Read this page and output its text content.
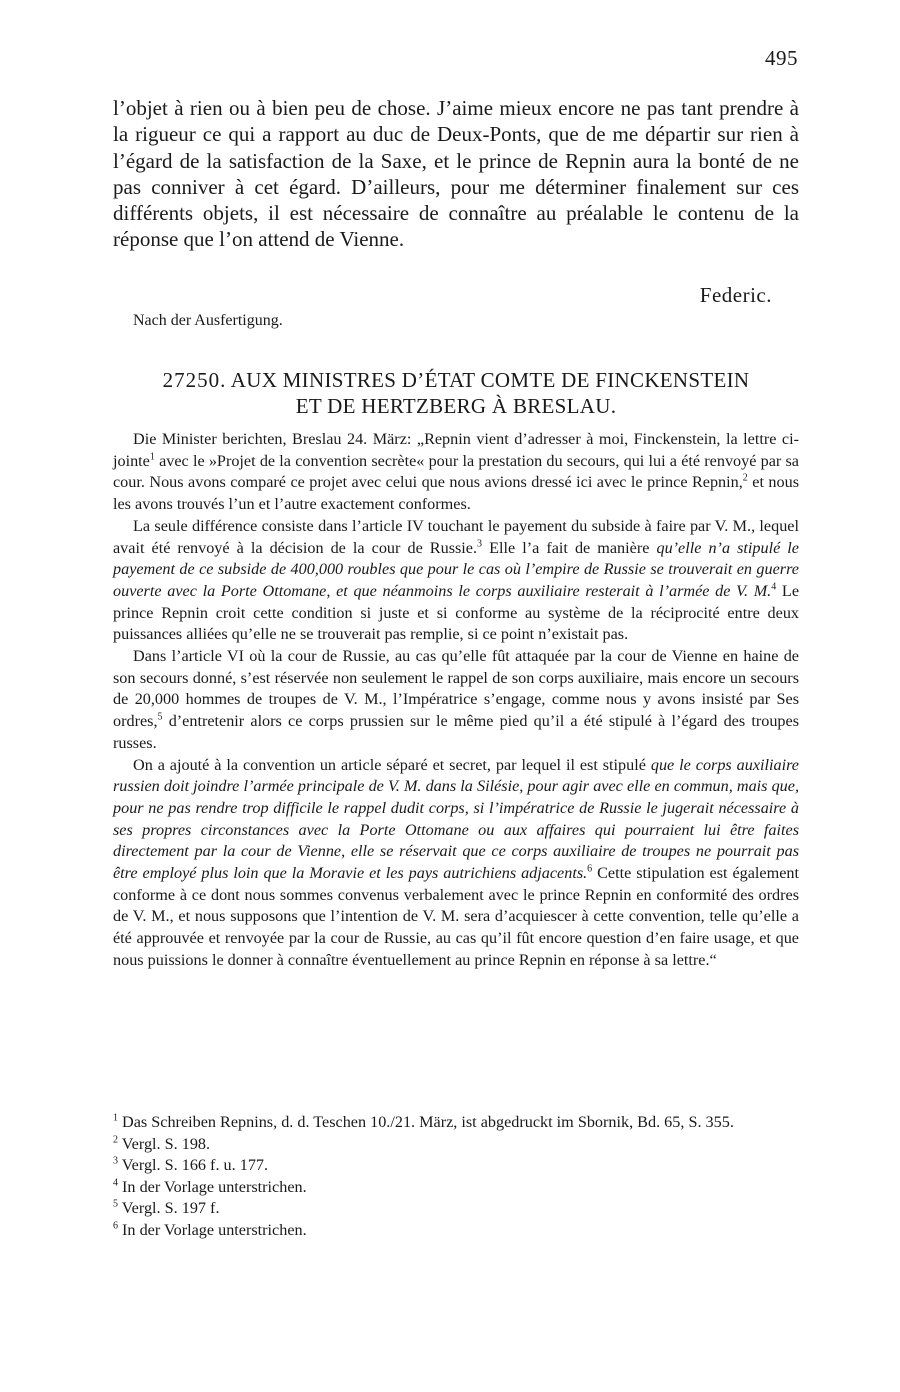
495
l’objet à rien ou à bien peu de chose. J’aime mieux encore ne pas tant prendre à la rigueur ce qui a rapport au duc de Deux-Ponts, que de me départir sur rien à l’égard de la satisfaction de la Saxe, et le prince de Repnin aura la bonté de ne pas conniver à cet égard. D’ailleurs, pour me déterminer finalement sur ces différents objets, il est nécessaire de connaître au préalable le contenu de la réponse que l’on attend de Vienne.
Federic.
Nach der Ausfertigung.
27250. AUX MINISTRES D’ÉTAT COMTE DE FINCKENSTEIN
ET DE HERTZBERG À BRESLAU.

Die Minister berichten, Breslau 24. März: „Repnin vient d’adresser à moi, Finckenstein, la lettre ci-jointe$^1$ avec le »Projet de la convention secrète« pour la prestation du secours, qui lui a été renvoyé par sa cour. Nous avons comparé ce projet avec celui que nous avions dressé ici avec le prince Repnin,$^2$ et nous les avons trouvés l’un et l’autre exactement conformes.

La seule différence consiste dans l’article IV touchant le payement du subside à faire par V. M., lequel avait été renvoyé à la décision de la cour de Russie.$^3$ Elle l’a fait de manière qu’elle n’a stipulé le payement de ce subside de 400,000 roubles que pour le cas où l’empire de Russie se trouverait en guerre ouverte avec la Porte Ottomane, et que néanmoins le corps auxiliaire resterait à l’armée de V. M.$^4$ Le prince Repnin croit cette condition si juste et si conforme au système de la réciprocité entre deux puissances alliées qu’elle ne se trouverait pas remplie, si ce point n’existait pas.

Dans l’article VI où la cour de Russie, au cas qu’elle fût attaquée par la cour de Vienne en haine de son secours donné, s’est réservée non seulement le rappel de son corps auxiliaire, mais encore un secours de 20,000 hommes de troupes de V. M., l’Impératrice s’engage, comme nous y avons insisté par Ses ordres,$^5$ d’entretenir alors ce corps prussien sur le même pied qu’il a été stipulé à l’égard des troupes russes.

On a ajouté à la convention un article séparé et secret, par lequel il est stipulé que le corps auxiliaire russien doit joindre l’armée principale de V. M. dans la Silésie, pour agir avec elle en commun, mais que, pour ne pas rendre trop difficile le rappel dudit corps, si l’impératrice de Russie le jugerait nécessaire à ses propres circonstances avec la Porte Ottomane ou aux affaires qui pourraient lui être faites directement par la cour de Vienne, elle se réservait que ce corps auxiliaire de troupes ne pourrait pas être employé plus loin que la Moravie et les pays autrichiens adjacents.$^6$ Cette stipulation est également conforme à ce dont nous sommes convenus verbalement avec le prince Repnin en conformité des ordres de V. M., et nous supposons que l’intention de V. M. sera d’acquiescer à cette convention, telle qu’elle a été approuvée et renvoyée par la cour de Russie, au cas qu’il fût encore question d’en faire usage, et que nous puissions le donner à connaître éventuellement au prince Repnin en réponse à sa lettre.“

$^1$ Das Schreiben Repnins, d. d. Teschen 10./21. März, ist abgedruckt im Sbornik, Bd. 65, S. 355.
$^2$ Vergl. S. 198.
$^3$ Vergl. S. 166 f. u. 177.
$^4$ In der Vorlage unterstrichen.
$^5$ Vergl. S. 197 f.
$^6$ In der Vorlage unterstrichen.
